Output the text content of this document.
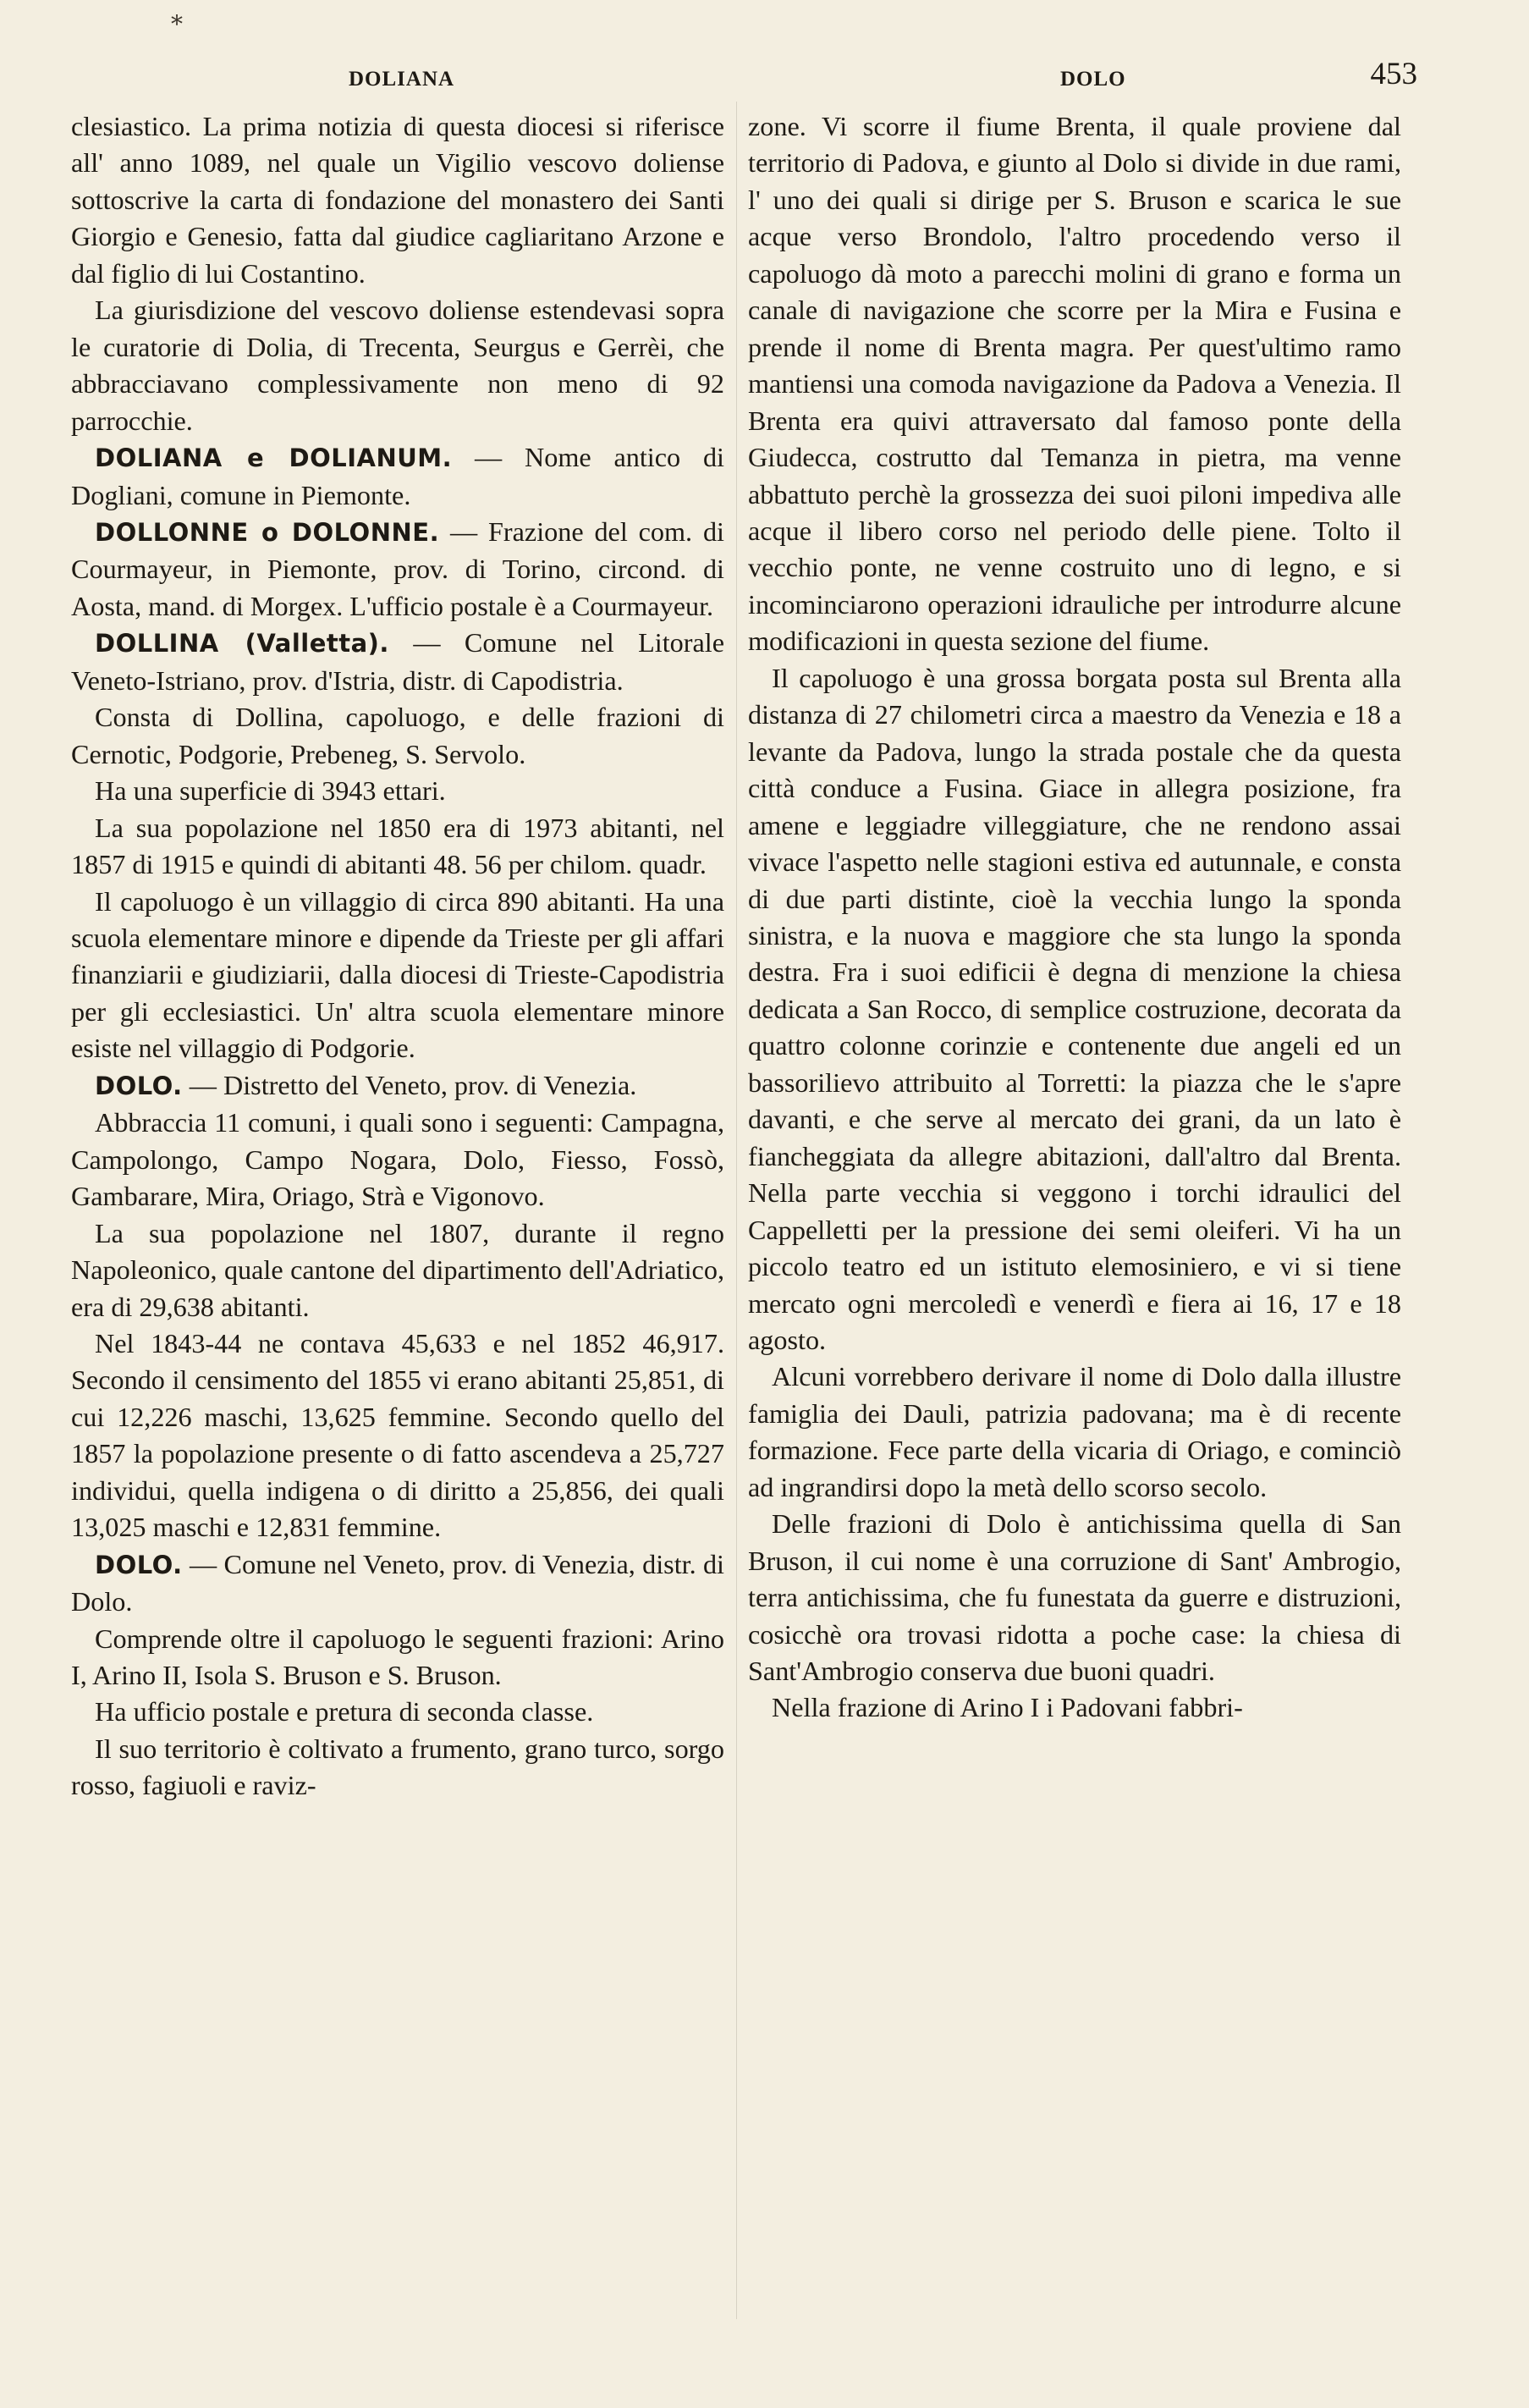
*
DOLIANA	DOLO	453

clesiastico. La prima notizia di questa diocesi si riferisce all' anno 1089, nel quale un Vigilio vescovo doliense sottoscrive la carta di fondazione del monastero dei Santi Giorgio e Genesio, fatta dal giudice cagliaritano Arzone e dal figlio di lui Costantino.

La giurisdizione del vescovo doliense estendevasi sopra le curatorie di Dolia, di Trecenta, Seurgus e Gerrèi, che abbracciavano complessivamente non meno di 92 parrocchie.

DOLIANA e DOLIANUM. — Nome antico di Dogliani, comune in Piemonte.

DOLLONNE o DOLONNE. — Frazione del com. di Courmayeur, in Piemonte, prov. di Torino, circond. di Aosta, mand. di Morgex. L'ufficio postale è a Courmayeur.

DOLLINA (Valletta). — Comune nel Litorale Veneto-Istriano, prov. d'Istria, distr. di Capodistria.

Consta di Dollina, capoluogo, e delle frazioni di Cernotic, Podgorie, Prebeneg, S. Servolo.

Ha una superficie di 3943 ettari.

La sua popolazione nel 1850 era di 1973 abitanti, nel 1857 di 1915 e quindi di abitanti 48. 56 per chilom. quadr.

Il capoluogo è un villaggio di circa 890 abitanti. Ha una scuola elementare minore e dipende da Trieste per gli affari finanziarii e giudiziarii, dalla diocesi di Trieste-Capodistria per gli ecclesiastici. Un' altra scuola elementare minore esiste nel villaggio di Podgorie.

DOLO. — Distretto del Veneto, prov. di Venezia.

Abbraccia 11 comuni, i quali sono i seguenti: Campagna, Campolongo, Campo Nogara, Dolo, Fiesso, Fossò, Gambarare, Mira, Oriago, Strà e Vigonovo.

La sua popolazione nel 1807, durante il regno Napoleonico, quale cantone del dipartimento dell'Adriatico, era di 29,638 abitanti.

Nel 1843-44 ne contava 45,633 e nel 1852 46,917. Secondo il censimento del 1855 vi erano abitanti 25,851, di cui 12,226 maschi, 13,625 femmine. Secondo quello del 1857 la popolazione presente o di fatto ascendeva a 25,727 individui, quella indigena o di diritto a 25,856, dei quali 13,025 maschi e 12,831 femmine.

DOLO. — Comune nel Veneto, prov. di Venezia, distr. di Dolo.

Comprende oltre il capoluogo le seguenti frazioni: Arino I, Arino II, Isola S. Bruson e S. Bruson.

Ha ufficio postale e pretura di seconda classe.

Il suo territorio è coltivato a frumento, grano turco, sorgo rosso, fagiuoli e raviz-

zone. Vi scorre il fiume Brenta, il quale proviene dal territorio di Padova, e giunto al Dolo si divide in due rami, l' uno dei quali si dirige per S. Bruson e scarica le sue acque verso Brondolo, l'altro procedendo verso il capoluogo dà moto a parecchi molini di grano e forma un canale di navigazione che scorre per la Mira e Fusina e prende il nome di Brenta magra. Per quest'ultimo ramo mantiensi una comoda navigazione da Padova a Venezia. Il Brenta era quivi attraversato dal famoso ponte della Giudecca, costrutto dal Temanza in pietra, ma venne abbattuto perchè la grossezza dei suoi piloni impediva alle acque il libero corso nel periodo delle piene. Tolto il vecchio ponte, ne venne costruito uno di legno, e si incominciarono operazioni idrauliche per introdurre alcune modificazioni in questa sezione del fiume.

Il capoluogo è una grossa borgata posta sul Brenta alla distanza di 27 chilometri circa a maestro da Venezia e 18 a levante da Padova, lungo la strada postale che da questa città conduce a Fusina. Giace in allegra posizione, fra amene e leggiadre villeggiature, che ne rendono assai vivace l'aspetto nelle stagioni estiva ed autunnale, e consta di due parti distinte, cioè la vecchia lungo la sponda sinistra, e la nuova e maggiore che sta lungo la sponda destra. Fra i suoi edificii è degna di menzione la chiesa dedicata a San Rocco, di semplice costruzione, decorata da quattro colonne corinzie e contenente due angeli ed un bassorilievo attribuito al Torretti: la piazza che le s'apre davanti, e che serve al mercato dei grani, da un lato è fiancheggiata da allegre abitazioni, dall'altro dal Brenta. Nella parte vecchia si veggono i torchi idraulici del Cappelletti per la pressione dei semi oleiferi. Vi ha un piccolo teatro ed un istituto elemosiniero, e vi si tiene mercato ogni mercoledì e venerdì e fiera ai 16, 17 e 18 agosto.

Alcuni vorrebbero derivare il nome di Dolo dalla illustre famiglia dei Dauli, patrizia padovana; ma è di recente formazione. Fece parte della vicaria di Oriago, e cominciò ad ingrandirsi dopo la metà dello scorso secolo.

Delle frazioni di Dolo è antichissima quella di San Bruson, il cui nome è una corruzione di Sant' Ambrogio, terra antichissima, che fu funestata da guerre e distruzioni, cosicchè ora trovasi ridotta a poche case: la chiesa di Sant'Ambrogio conserva due buoni quadri.

Nella frazione di Arino I i Padovani fabbri-
